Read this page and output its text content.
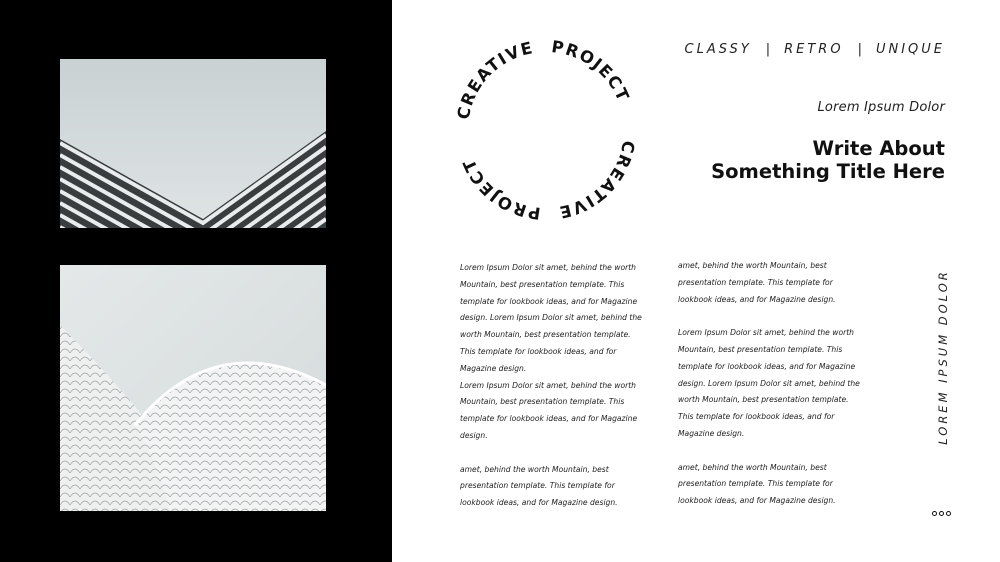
CREATIVE PROJECT
CREATIVE
PROJECT
CLASSY | RETRO | UNIQUE
Lorem Ipsum Dolor
Write About
Something Title Here

Lorem Ipsum Dolor sit amet, behind the worth Mountain, best presentation template. This template for lookbook ideas, and for Magazine design. Lorem Ipsum Dolor sit amet, behind the worth Mountain, best presentation template. This template for lookbook ideas, and for Magazine design.

Lorem Ipsum Dolor sit amet, behind the worth Mountain, best presentation template. This template for lookbook ideas, and for Magazine design.

amet, behind the worth Mountain, best presentation template. This template for lookbook ideas, and for Magazine design.

amet, behind the worth Mountain, best presentation template. This template for lookbook ideas, and for Magazine design.

Lorem Ipsum Dolor sit amet, behind the worth Mountain, best presentation template. This template for lookbook ideas, and for Magazine design. Lorem Ipsum Dolor sit amet, behind the worth Mountain, best presentation template. This template for lookbook ideas, and for Magazine design.

amet, behind the worth Mountain, best presentation template. This template for lookbook ideas, and for Magazine design.

LOREM IPSUM DOLOR
